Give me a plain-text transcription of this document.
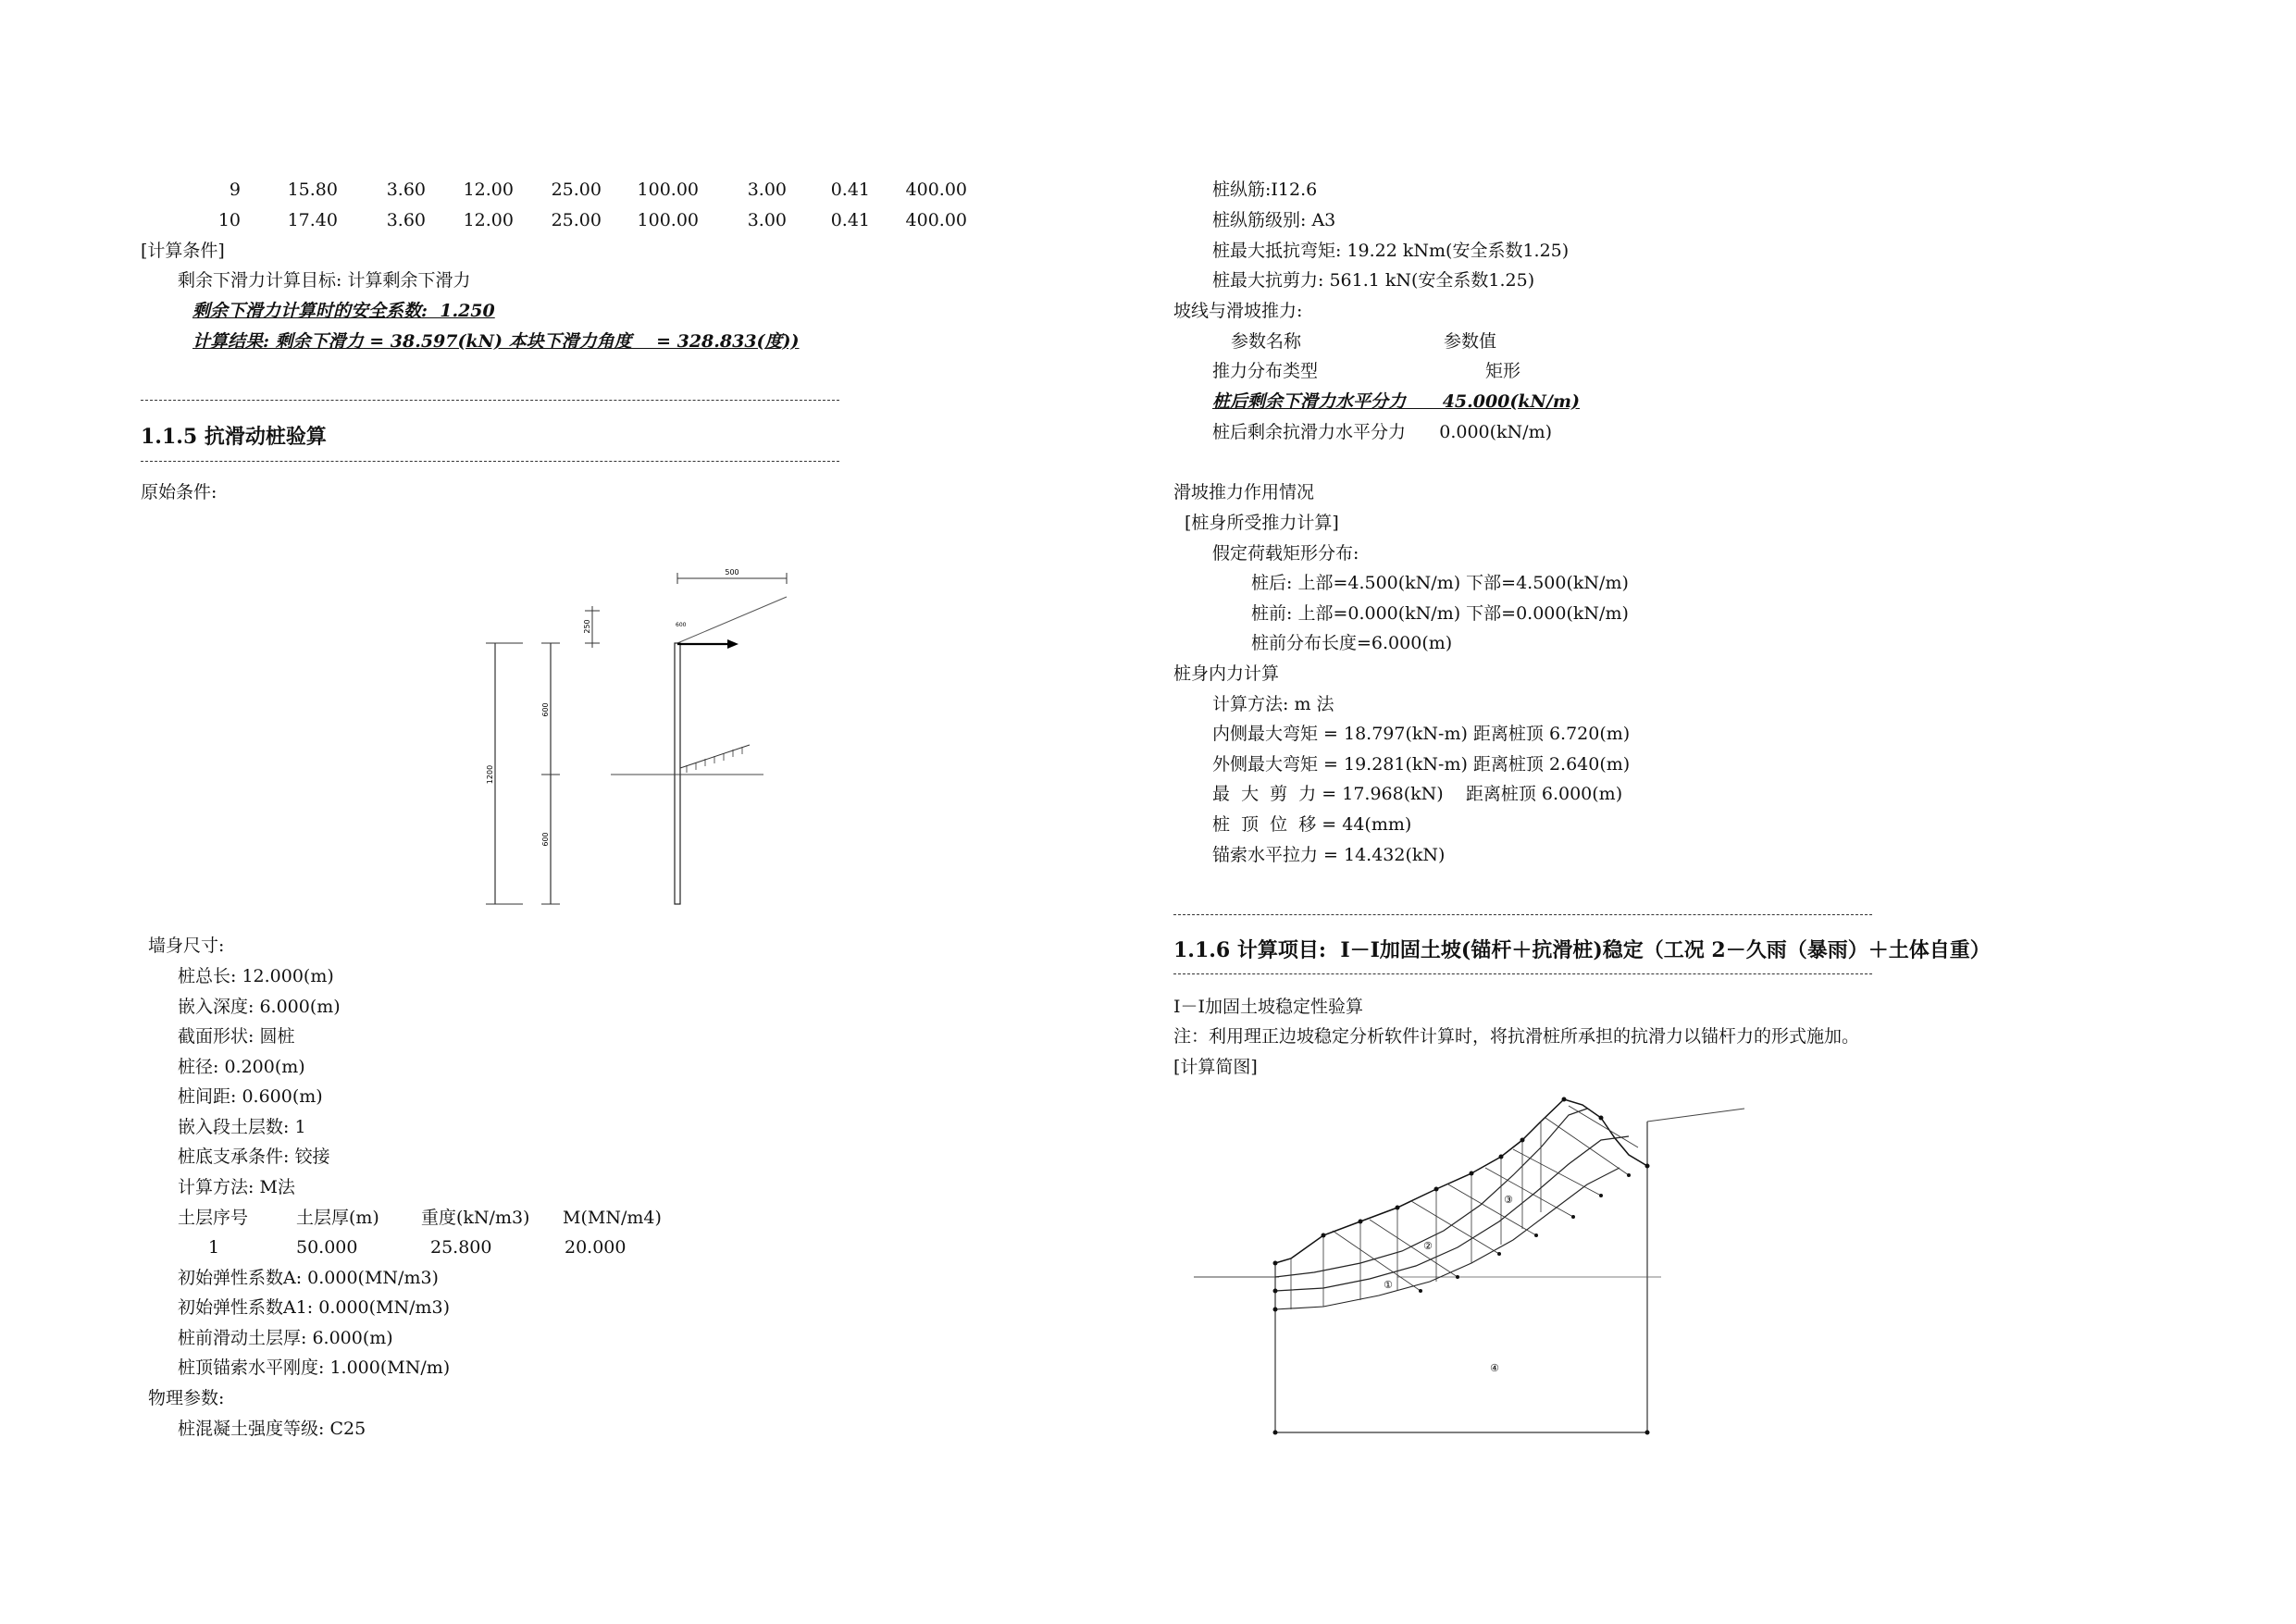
9	15.80	3.60	12.00	25.00	100.00	3.00	0.41	400.00
10	17.40	3.60	12.00	25.00	100.00	3.00	0.41	400.00
[计算条件]
剩余下滑力计算目标: 计算剩余下滑力
剩余下滑力计算时的安全系数:  1.250
计算结果: 剩余下滑力 = 38.597(kN) 本块下滑力角度    = 328.833(度))
1.1.5 抗滑动桩验算
原始条件:
1200
600
600
250
500
600
墙身尺寸:
桩总长: 12.000(m)
嵌入深度: 6.000(m)
截面形状: 圆桩
桩径: 0.200(m)
桩间距: 0.600(m)
嵌入段土层数: 1
桩底支承条件: 铰接
计算方法: M法
土层序号	土层厚(m) 重度(kN/m3) M(MN/m4)
1	50.000	25.800	20.000
初始弹性系数A: 0.000(MN/m3)
初始弹性系数A1: 0.000(MN/m3)
桩前滑动土层厚: 6.000(m)
桩顶锚索水平刚度: 1.000(MN/m)
物理参数:
桩混凝土强度等级: C25
桩纵筋:I12.6
桩纵筋级别: A3
桩最大抵抗弯矩: 19.22 kNm(安全系数1.25)
桩最大抗剪力: 561.1 kN(安全系数1.25)
坡线与滑坡推力:
参数名称	参数值
推力分布类型	矩形
桩后剩余下滑力水平分力      45.000(kN/m)
桩后剩余抗滑力水平分力      0.000(kN/m)
滑坡推力作用情况
[桩身所受推力计算]
假定荷载矩形分布:
桩后: 上部=4.500(kN/m) 下部=4.500(kN/m)
桩前: 上部=0.000(kN/m) 下部=0.000(kN/m)
桩前分布长度=6.000(m)
桩身内力计算
计算方法: m 法
内侧最大弯矩 = 18.797(kN-m) 距离桩顶 6.720(m)
外侧最大弯矩 = 19.281(kN-m) 距离桩顶 2.640(m)
最  大  剪  力 = 17.968(kN)    距离桩顶 6.000(m)
桩  顶  位  移 = 44(mm)
锚索水平拉力 = 14.432(kN)
1.1.6 计算项目:  Ⅰ－Ⅰ加固土坡(锚杆＋抗滑桩)稳定（工况 2－久雨（暴雨）＋土体自重）
Ⅰ－Ⅰ加固土坡稳定性验算
注：利用理正边坡稳定分析软件计算时，将抗滑桩所承担的抗滑力以锚杆力的形式施加。
[计算简图]
①
②
③
④
